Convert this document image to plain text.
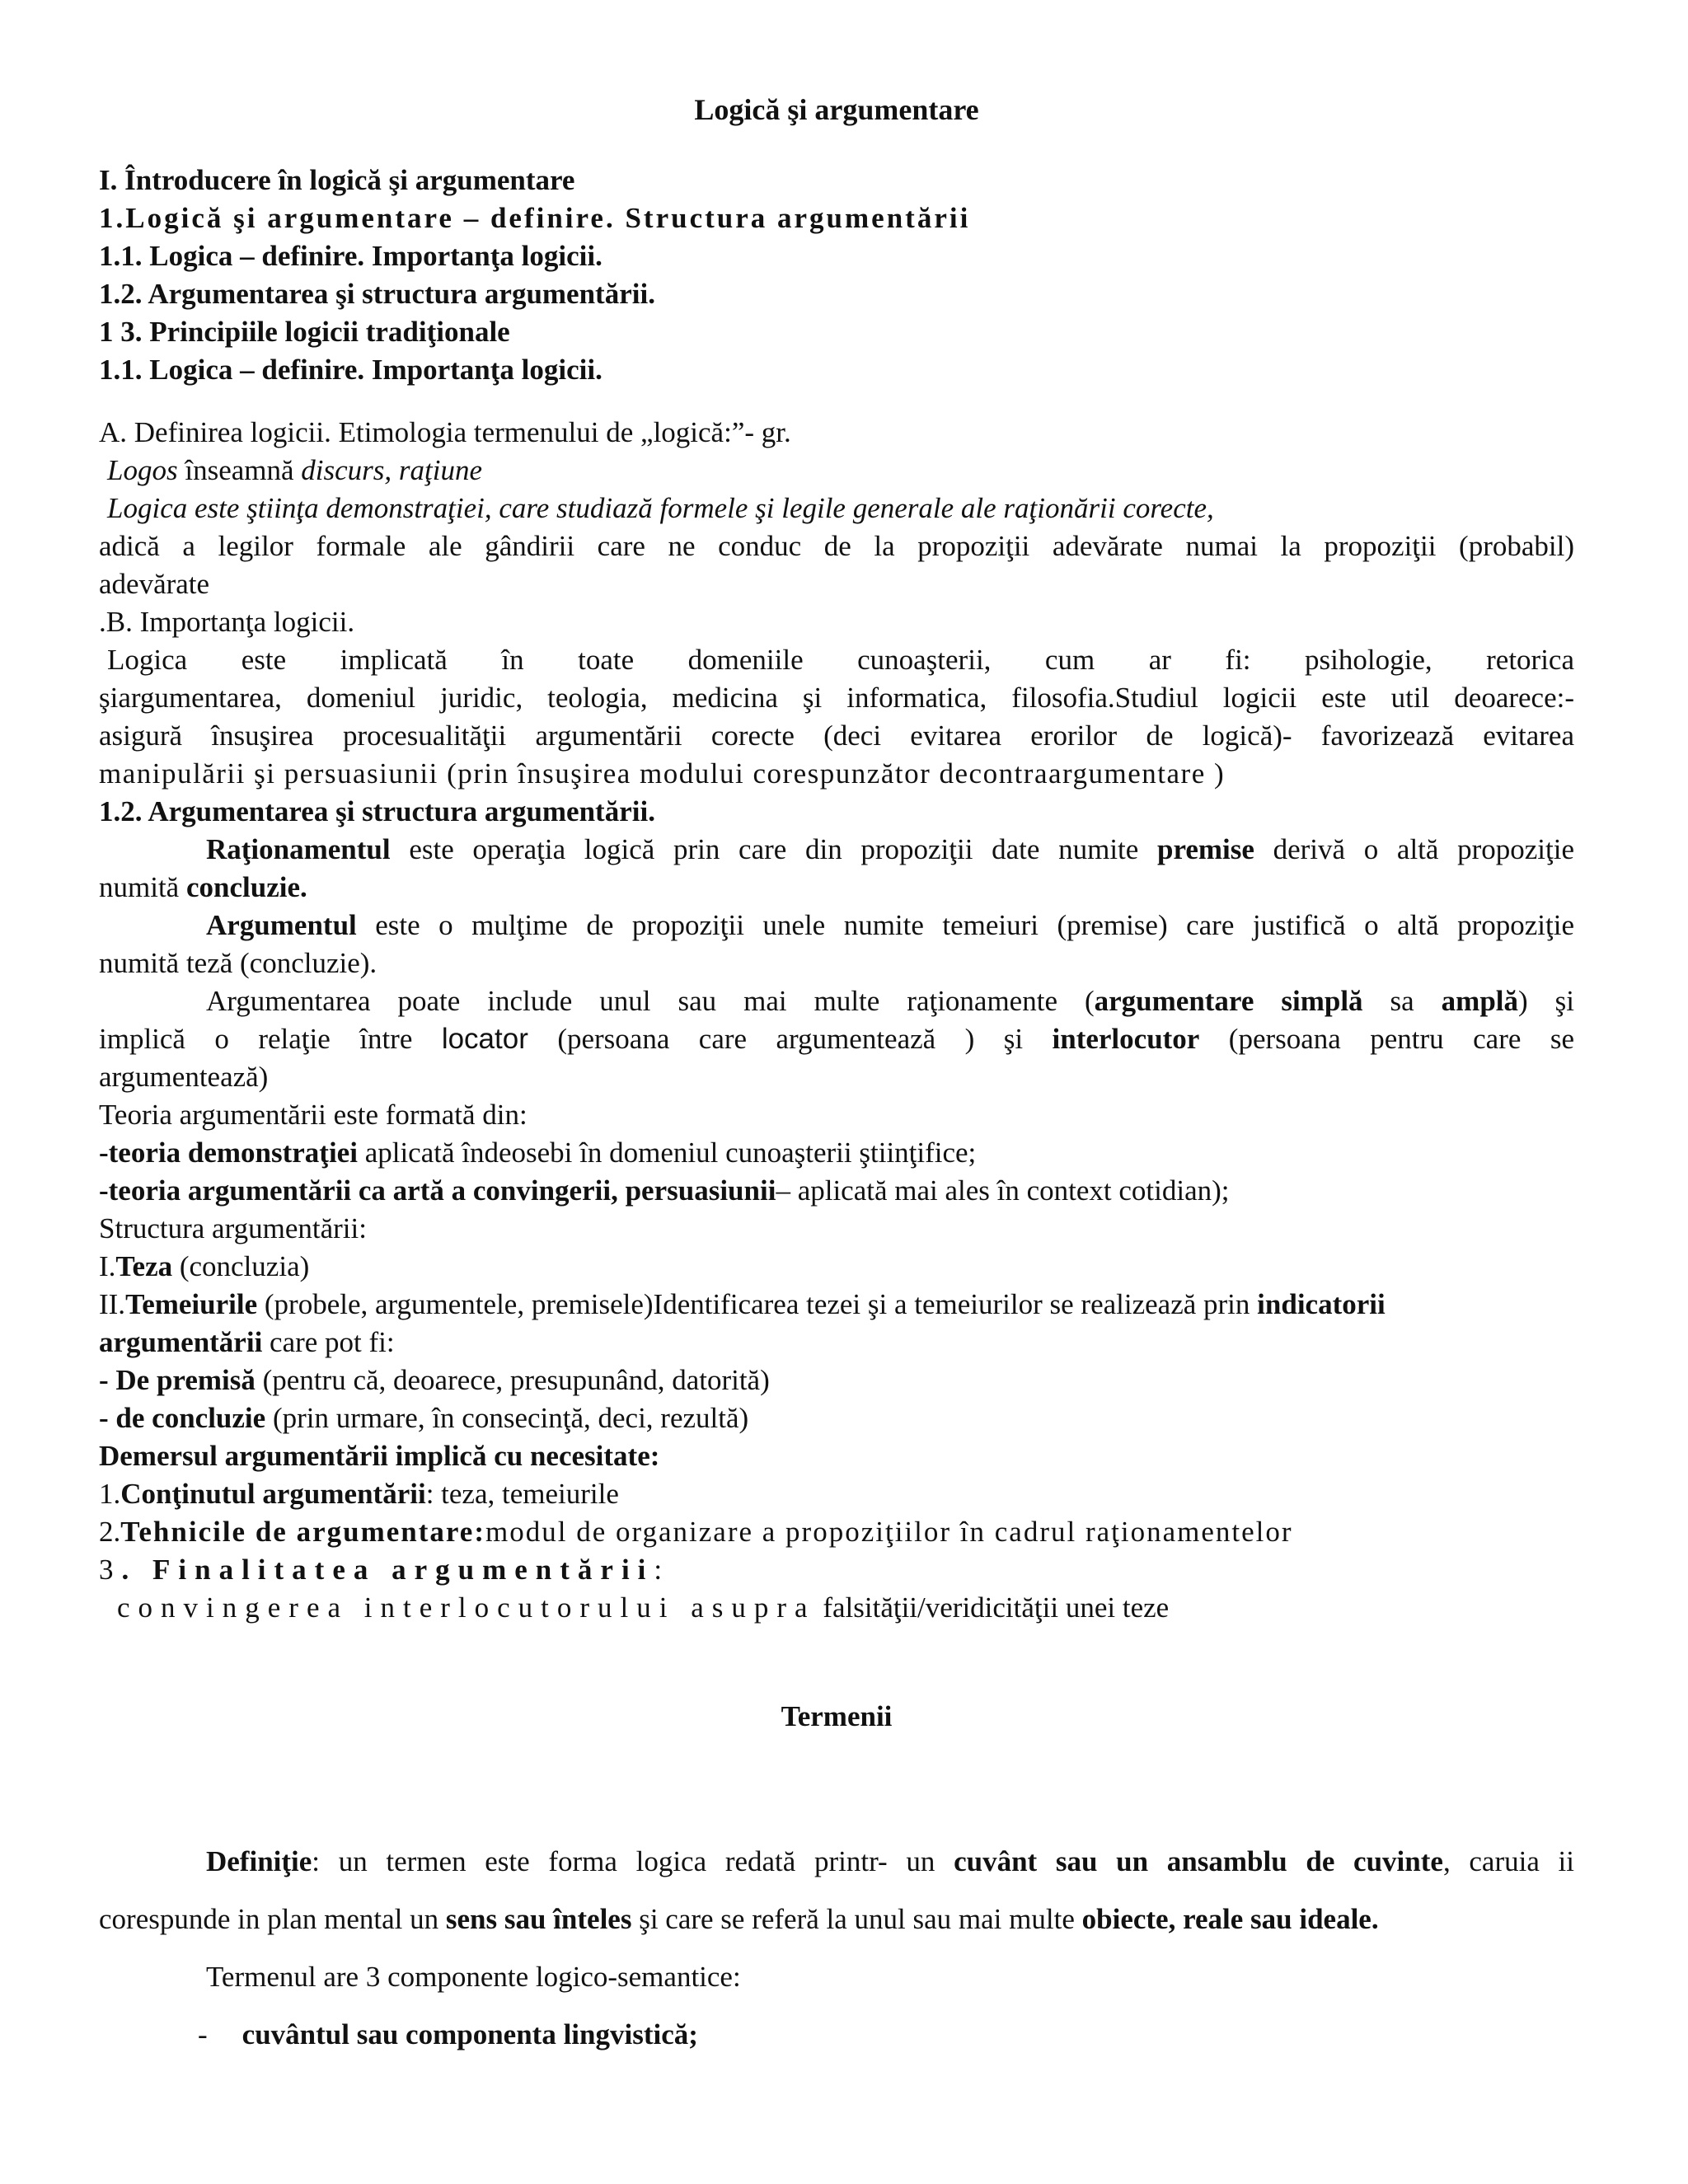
Logică şi argumentare

I. Întroducere în logică şi argumentare

1.Logică şi argumentare – definire. Structura argumentării

1.1. Logica – definire. Importanţa logicii.

1.2. Argumentarea şi structura argumentării.

1 3. Principiile logicii tradiţionale

1.1. Logica – definire. Importanţa logicii.

A. Definirea logicii. Etimologia termenului de „logică:”- gr.

Logos înseamnă discurs, raţiune

Logica este ştiinţa demonstraţiei, care studiază formele şi legile generale ale raţionării corecte,

adică a legilor formale ale gândirii care ne conduc de la propoziţii adevărate numai la propoziţii (probabil)

adevărate

.B. Importanţa logicii.

Logica este implicată în toate domeniile cunoaşterii, cum ar fi: psihologie, retorica

şiargumentarea, domeniul juridic, teologia, medicina şi informatica, filosofia.Studiul logicii este util deoarece:-

asigură însuşirea procesualităţii argumentării corecte (deci evitarea erorilor de logică)- favorizează evitarea

manipulării şi persuasiunii (prin însuşirea modului corespunzător decontraargumentare )

1.2. Argumentarea şi structura argumentării.

Raţionamentul este operaţia logică prin care din propoziţii date numite premise derivă o altă propoziţie

numită concluzie.

Argumentul este o mulţime de propoziţii unele numite temeiuri (premise) care justifică o altă propoziţie

numită teză (concluzie).

Argumentarea poate include unul sau mai multe raţionamente (argumentare simplă sa amplă) şi

implică o relaţie între locator (persoana care argumentează ) şi interlocutor (persoana pentru care se

argumentează)

Teoria argumentării este formată din:

-teoria demonstraţiei aplicată îndeosebi în domeniul cunoaşterii ştiinţifice;

-teoria argumentării ca artă a convingerii, persuasiunii– aplicată mai ales în context cotidian);

Structura argumentării:

I.Teza (concluzia)

II.Temeiurile (probele, argumentele, premisele)Identificarea tezei şi a temeiurilor se realizează prin indicatorii

argumentării care pot fi:

- De premisă (pentru că, deoarece, presupunând, datorită)

- de concluzie (prin urmare, în consecinţă, deci, rezultă)

Demersul argumentării implică cu necesitate:

1.Conţinutul argumentării: teza, temeiurile

2.Tehnicile de argumentare:modul de organizare a propoziţiilor în cadrul raţionamentelor

3. Finalitatea argumentării:

convingerea interlocutorului asupra falsităţii/veridicităţii unei teze

Termenii

Definiţie: un termen este forma logica redată printr- un cuvânt sau un ansamblu de cuvinte, caruia ii

corespunde in plan mental un sens sau înteles şi care se referă la unul sau mai multe obiecte, reale sau ideale.

Termenul are 3 componente logico-semantice:

- cuvântul sau componenta lingvistică;
